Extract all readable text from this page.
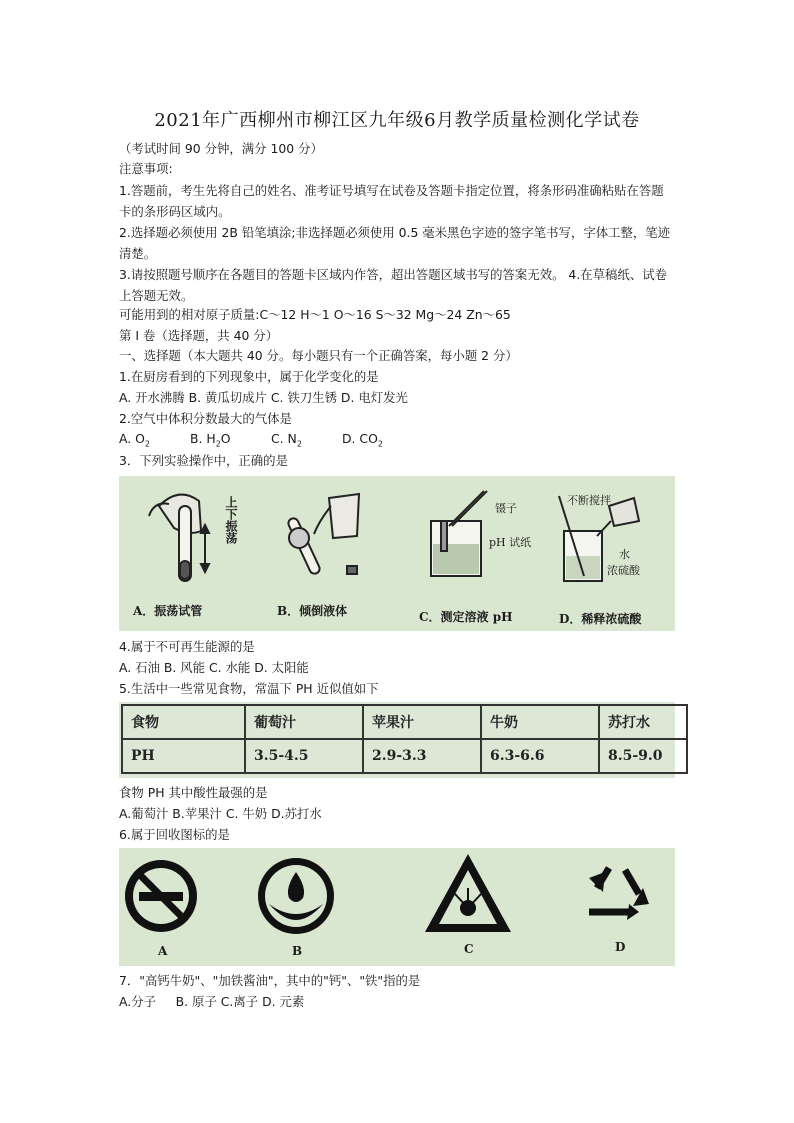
2021年广西柳州市柳江区九年级6月教学质量检测化学试卷
（考试时间 90 分钟，满分 100 分）
注意事项:
1.答题前，考生先将自己的姓名、准考证号填写在试卷及答题卡指定位置，将条形码准确粘贴在答题卡的条形码区域内。
2.选择题必须使用 2B 铅笔填涂;非选择题必须使用 0.5 毫米黑色字迹的签字笔书写，字体工整，笔迹清楚。
3.请按照题号顺序在各题目的答题卡区域内作答，超出答题区域书写的答案无效。 4.在草稿纸、试卷上答题无效。
可能用到的相对原子质量:C～12 H～1 O～16 S～32 Mg～24 Zn～65
第 I 卷（选择题，共 40 分）
一、选择题（本大题共 40 分。每小题只有一个正确答案，每小题 2 分）
1.在厨房看到的下列现象中，属于化学变化的是
A. 开水沸腾 B. 黄瓜切成片 C. 铁刀生锈 D. 电灯发光
2.空气中体积分数最大的气体是
A. $O_2$	B. $H_2O$	C. $N_2$	D. $CO_2$
3．下列实验操作中，正确的是
上下振荡	镊子
pH 试纸
不断搅拌
水
浓硫酸
A．振荡试管	B．倾倒液体	C．测定溶液 pH	D．稀释浓硫酸
4.属于不可再生能源的是
A. 石油 B. 风能 C. 水能 D. 太阳能
5.生活中一些常见食物，常温下 PH 近似值如下
食物	葡萄汁	苹果汁	牛奶	苏打水
PH	3.5-4.5	2.9-3.3	6.3-6.6	8.5-9.0
食物 PH 其中酸性最强的是
A.葡萄汁 B.苹果汁 C. 牛奶 D.苏打水
6.属于回收图标的是
A	B	C	D
7．"高钙牛奶"、"加铁酱油"，其中的"钙"、"铁"指的是
A.分子     B. 原子 C.离子 D. 元素
